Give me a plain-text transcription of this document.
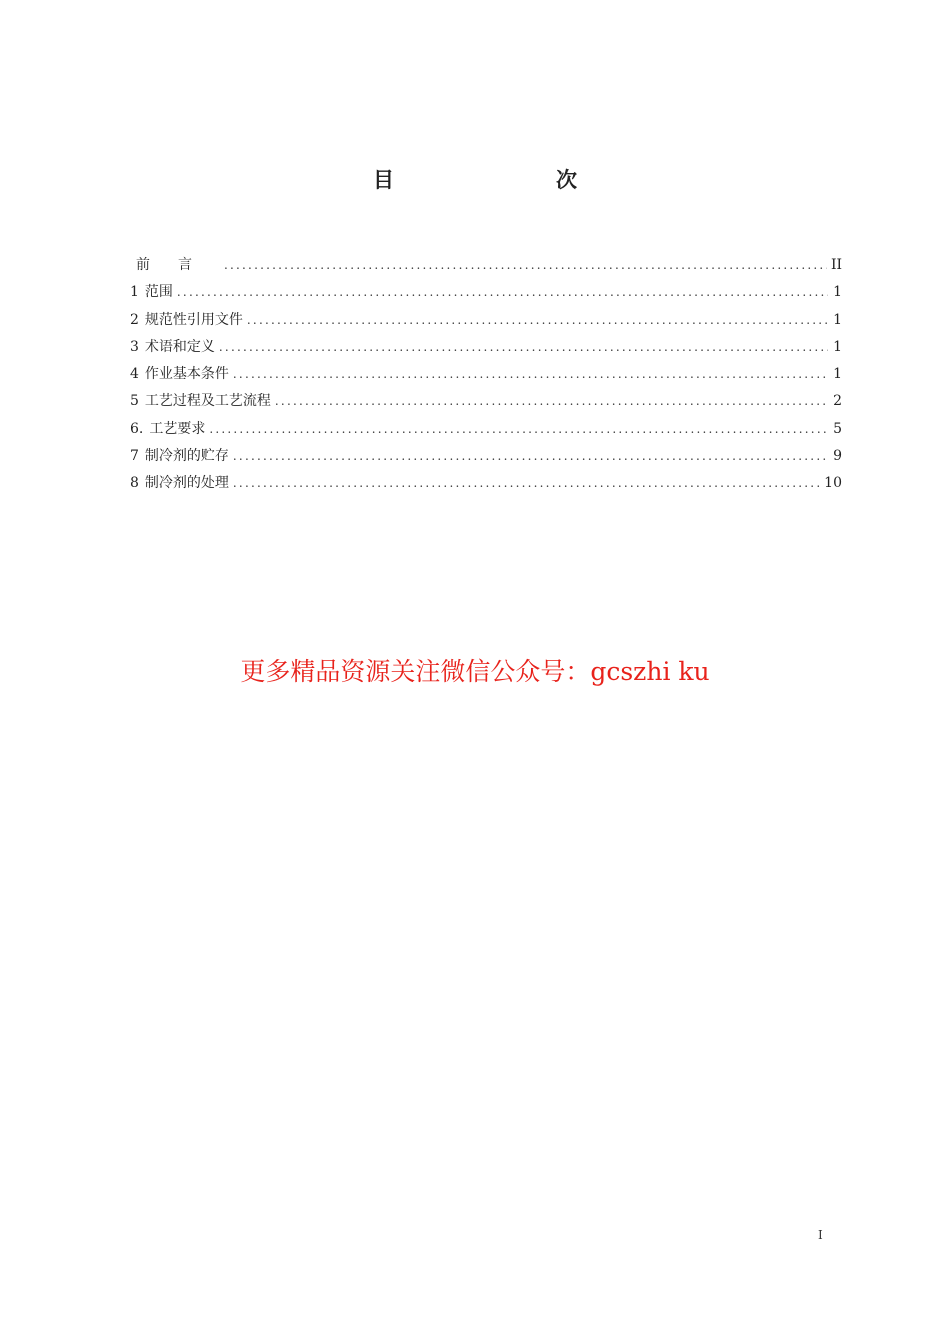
目　　次
前言 .....	II
1 范围 .....	1
2 规范性引用文件 .....	1
3 术语和定义 .....	1
4 作业基本条件 .....	1
5 工艺过程及工艺流程 .....	2
6. 工艺要求 .....	5
7 制冷剂的贮存 .....	9
8 制冷剂的处理 .....	10
更多精品资源关注微信公众号：gcszhi ku
I
